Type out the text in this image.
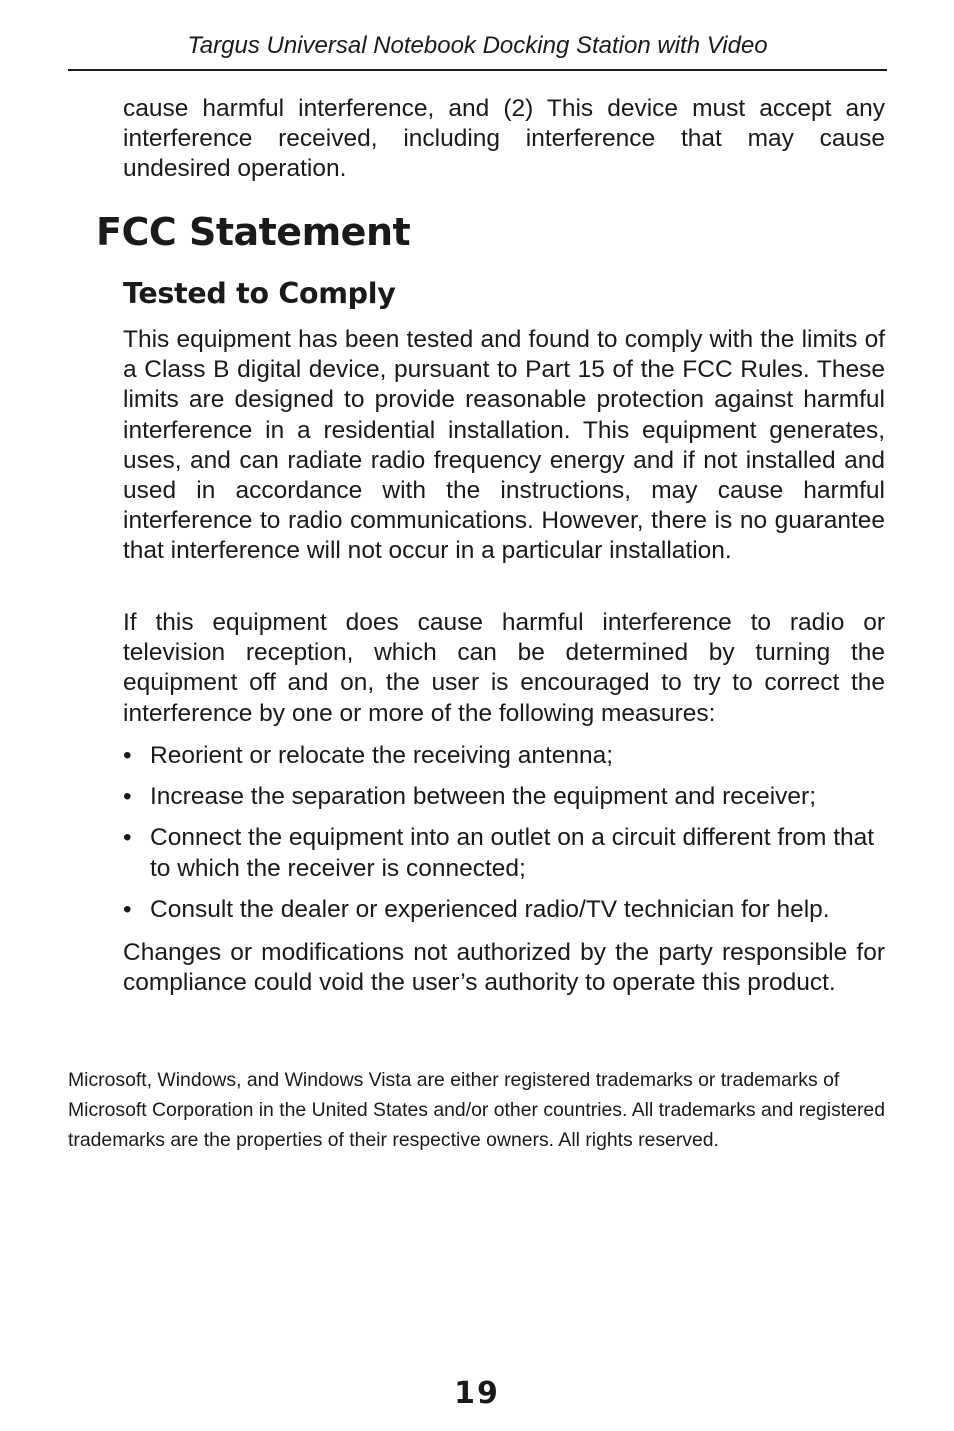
Targus Universal Notebook Docking Station with Video

cause harmful interference, and (2) This device must accept any interference received, including interference that may cause undesired operation.

FCC Statement
Tested to Comply

This equipment has been tested and found to comply with the limits of a Class B digital device, pursuant to Part 15 of the FCC Rules. These limits are designed to provide reasonable protection against harmful interference in a residential installation. This equipment generates, uses, and can radiate radio frequency energy and if not installed and used in accordance with the instructions, may cause harmful interference to radio communications. However, there is no guarantee that interference will not occur in a particular installation.

If this equipment does cause harmful interference to radio or television reception, which can be determined by turning the equipment off and on, the user is encouraged to try to correct the interference by one or more of the following measures:

• Reorient or relocate the receiving antenna;
• Increase the separation between the equipment and receiver;
• Connect the equipment into an outlet on a circuit different from that to which the receiver is connected;
• Consult the dealer or experienced radio/TV technician for help.

Changes or modifications not authorized by the party responsible for compliance could void the user’s authority to operate this product.

Microsoft, Windows, and Windows Vista are either registered trademarks or trademarks of Microsoft Corporation in the United States and/or other countries. All trademarks and registered trademarks are the properties of their respective owners. All rights reserved.

19
